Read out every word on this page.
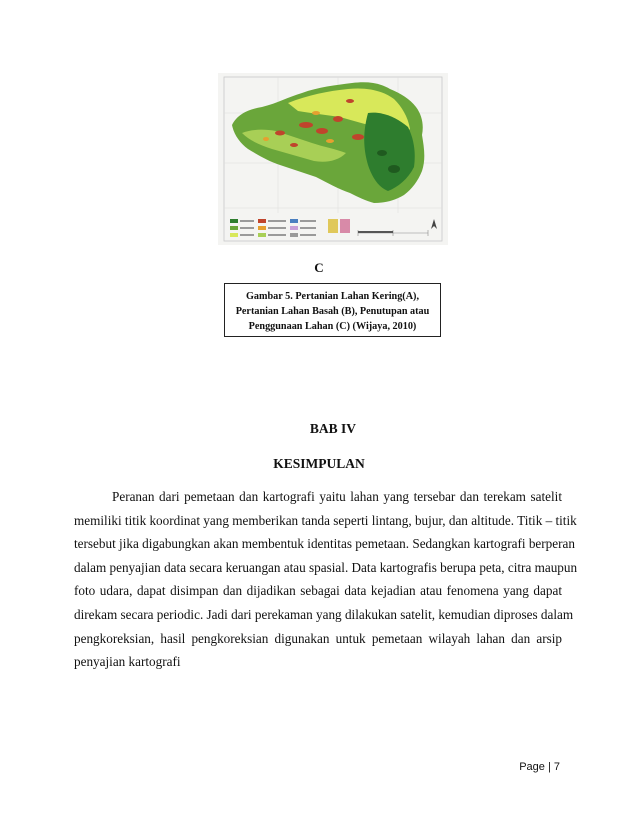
C
Gambar 5. Pertanian Lahan Kering(A),
Pertanian Lahan Basah (B), Penutupan atau
Penggunaan Lahan (C) (Wijaya, 2010)
BAB IV
KESIMPULAN
Peranan dari pemetaan dan kartografi yaitu lahan yang tersebar dan terekam satelit
memiliki titik koordinat yang memberikan tanda seperti lintang, bujur, dan altitude. Titik – titik
tersebut jika digabungkan akan membentuk identitas pemetaan. Sedangkan kartografi berperan
dalam penyajian data secara keruangan atau spasial. Data kartografis berupa peta, citra maupun
foto udara, dapat disimpan dan dijadikan sebagai data kejadian atau fenomena yang dapat
direkam secara periodic. Jadi dari perekaman yang dilakukan satelit, kemudian diproses dalam
pengkoreksian, hasil pengkoreksian digunakan untuk pemetaan wilayah lahan dan arsip
penyajian kartografi
Page | 7
